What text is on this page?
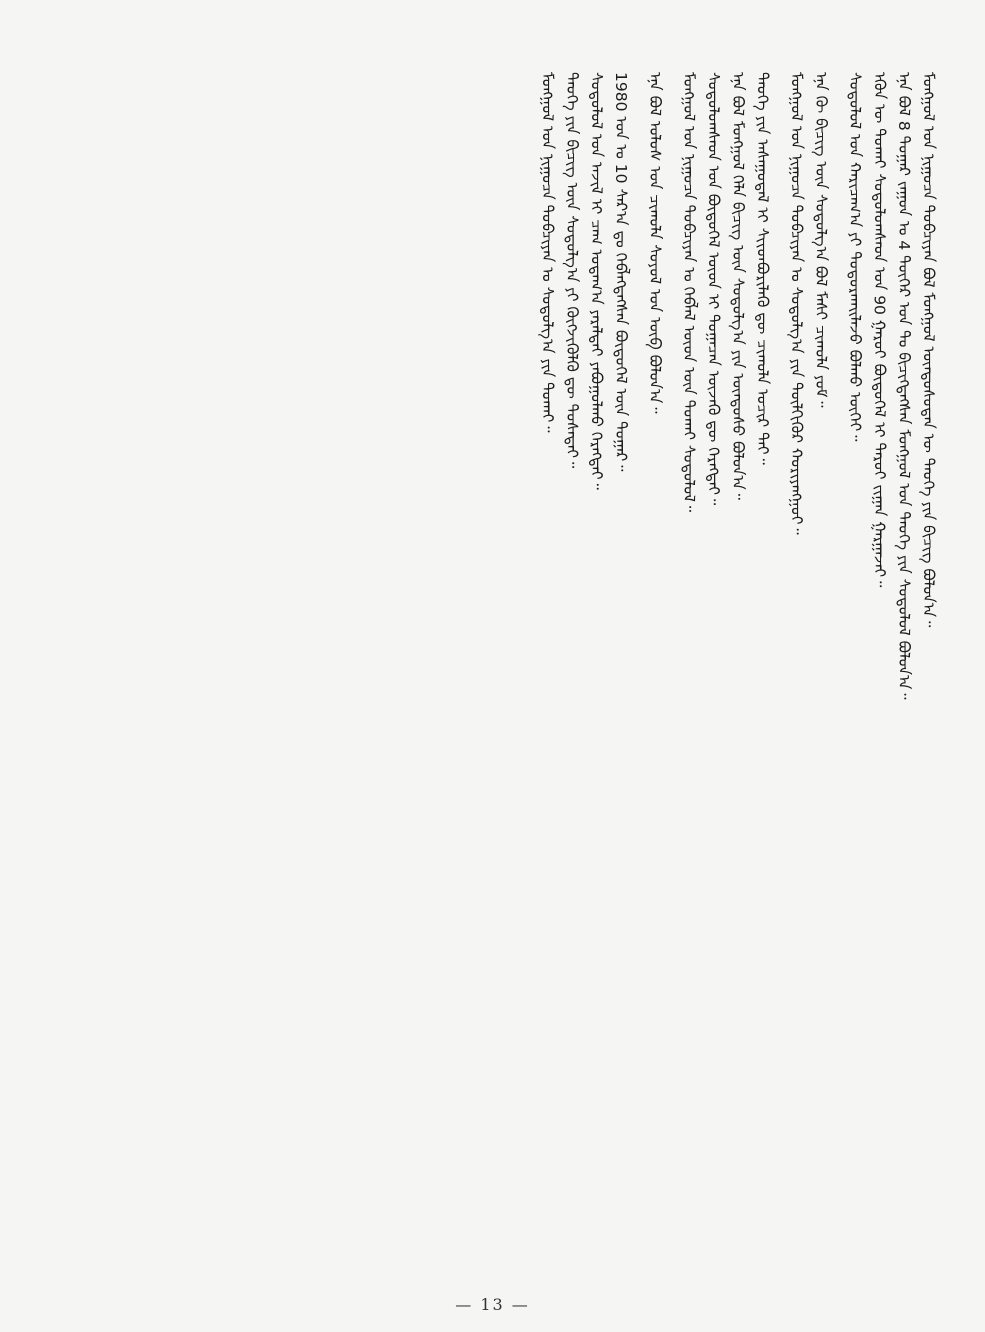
ᠮᠣᠩᠭᠣᠯ ᠤᠨ ᠨᠢᠭᠤᠴᠠ ᠲᠣᠪᠴᠢᠶᠠᠨ ᠪᠣᠯ ᠮᠣᠩᠭᠣᠯ ᠦᠨᠳᠦᠰᠦᠲᠡᠨ ᠦ ᠲᠡᠦᠬᠡ ᠶᠢᠨ ᠪᠢᠴᠢᠭ ᠪᠣᠯᠤᠨ᠎ᠠ᠃
ᠡᠨᠡ ᠪᠣᠯ 8 ᠳᠤᠭᠠᠷ ᠵᠠᠭᠤᠨ ᠤ 4 ᠳᠦᠭᠡᠷ ᠣᠨ ᠲᠤ ᠪᠢᠴᠢᠭᠳᠡᠭᠰᠡᠨ ᠮᠣᠩᠭᠣᠯ ᠤᠨ ᠲᠡᠦᠬᠡ ᠶᠢᠨ ᠰᠤᠳᠤᠯᠤᠯ ᠪᠣᠯᠤᠨ᠎ᠠ᠃
ᠡᠭᠦᠨ ᠦ ᠲᠤᠬᠠᠢ ᠰᠤᠳᠤᠯᠤᠭᠰᠠᠳ ᠤᠨ 90 ᠭᠠᠷᠤᠢ ᠪᠦᠲᠦᠭᠡᠯ ᠢ ᠳᠠᠷᠤᠢ ᠵᠢᠭᠠᠨ ᠭᠠᠷᠭᠠᠵᠠᠢ᠃
ᠰᠤᠳᠤᠯᠤᠯ ᠤᠨ ᠬᠠᠷᠢᠴᠠᠭ᠎ᠠ ᠶᠢ ᠲᠣᠳᠣᠷᠬᠠᠢᠯᠠᠵᠤ ᠪᠣᠯᠬᠤ ᠦᠭᠡᠢ᠃
ᠡᠨᠡ ᠬᠦ ᠪᠢᠴᠢᠭ ᠦᠨ ᠰᠤᠳᠤᠯᠭ᠎ᠠ ᠪᠣᠯ ᠮᠠᠰᠢ ᠴᠢᠬᠤᠯᠠ ᠶᠤᠮ᠃
ᠮᠣᠩᠭᠣᠯ ᠤᠨ ᠨᠢᠭᠤᠴᠠ ᠲᠣᠪᠴᠢᠶᠠᠨ ᠤ ᠰᠤᠳᠤᠯᠭ᠎ᠠ ᠶᠢᠨ ᠲᠦᠯᠬᠢᠭᠦᠷ ᠬᠣᠷᠢᠶᠠᠩᠭᠤᠢ᠃
ᠲᠡᠦᠬᠡ ᠶᠢᠨ ᠠᠰᠠᠭᠤᠳᠠᠯ ᠢ ᠰᠢᠢᠳᠪᠦᠷᠢᠯᠡᠬᠦ ᠳᠦ ᠴᠢᠬᠤᠯᠠ ᠤᠴᠢᠷ ᠲᠠᠢ᠃
ᠡᠨᠡ ᠪᠣᠯ ᠮᠣᠩᠭᠣᠯ ᠬᠡᠯᠡ ᠪᠢᠴᠢᠭ ᠦᠨ ᠰᠤᠳᠤᠯᠭ᠎ᠠ ᠶᠢᠨ ᠦᠨᠳᠦᠰᠦ ᠪᠣᠯᠤᠨ᠎ᠠ᠃
ᠰᠤᠳᠤᠯᠤᠭᠰᠠᠳ ᠤᠨ ᠪᠦᠲᠦᠭᠡᠯ ᠦᠳ ᠢ ᠲᠣᠭᠠᠴᠠᠨ ᠦᠵᠡᠬᠦ ᠳᠦ ᠬᠡᠷᠡᠭᠲᠡᠢ᠃
ᠮᠣᠩᠭᠣᠯ ᠤᠨ ᠨᠢᠭᠤᠴᠠ ᠲᠣᠪᠴᠢᠶᠠᠨ ᠤ ᠬᠡᠪᠯᠡᠯ ᠦᠳ ᠦᠨ ᠲᠤᠬᠠᠢ ᠰᠤᠳᠤᠯᠤᠯ᠃
ᠡᠨᠡ ᠪᠣᠯ ᠤᠯᠤᠰ ᠤᠨ ᠴᠢᠬᠤᠯᠠ ᠰᠣᠶᠤᠯ ᠤᠨ ᠥᠪ ᠪᠣᠯᠤᠨ᠎ᠠ᠃
1980 ᠣᠨ ᠤ 10 ᠰᠠᠷ᠎ᠠ ᠳᠤ ᠬᠡᠪᠯᠡᠭᠳᠡᠭᠰᠡᠨ ᠪᠦᠲᠦᠭᠡᠯ ᠦᠨ ᠳᠤᠭᠠᠷ᠃
ᠰᠤᠳᠤᠯᠤᠯ ᠤᠨ ᠠᠵᠢᠯ ᠢ ᠴᠠᠭ ᠤᠳᠠᠭ᠎ᠠ ᠶᠠᠷᠠᠯᠲᠠᠢ ᠶᠠᠪᠤᠭᠤᠯᠬᠤ ᠬᠡᠷᠡᠭᠲᠡᠢ᠃
ᠲᠡᠦᠬᠡ ᠶᠢᠨ ᠪᠢᠴᠢᠭ ᠦᠨ ᠰᠤᠳᠤᠯᠭ᠎ᠠ ᠶᠢ ᠬᠥᠭᠵᠢᠭᠦᠯᠬᠦ ᠳᠦ ᠲᠤᠰᠠᠲᠠᠢ᠃
ᠮᠣᠩᠭᠣᠯ ᠤᠨ ᠨᠢᠭᠤᠴᠠ ᠲᠣᠪᠴᠢᠶᠠᠨ ᠤ ᠰᠤᠳᠤᠯᠭ᠎ᠠ ᠶᠢᠨ ᠲᠤᠬᠠᠢ᠃
— 13 —
